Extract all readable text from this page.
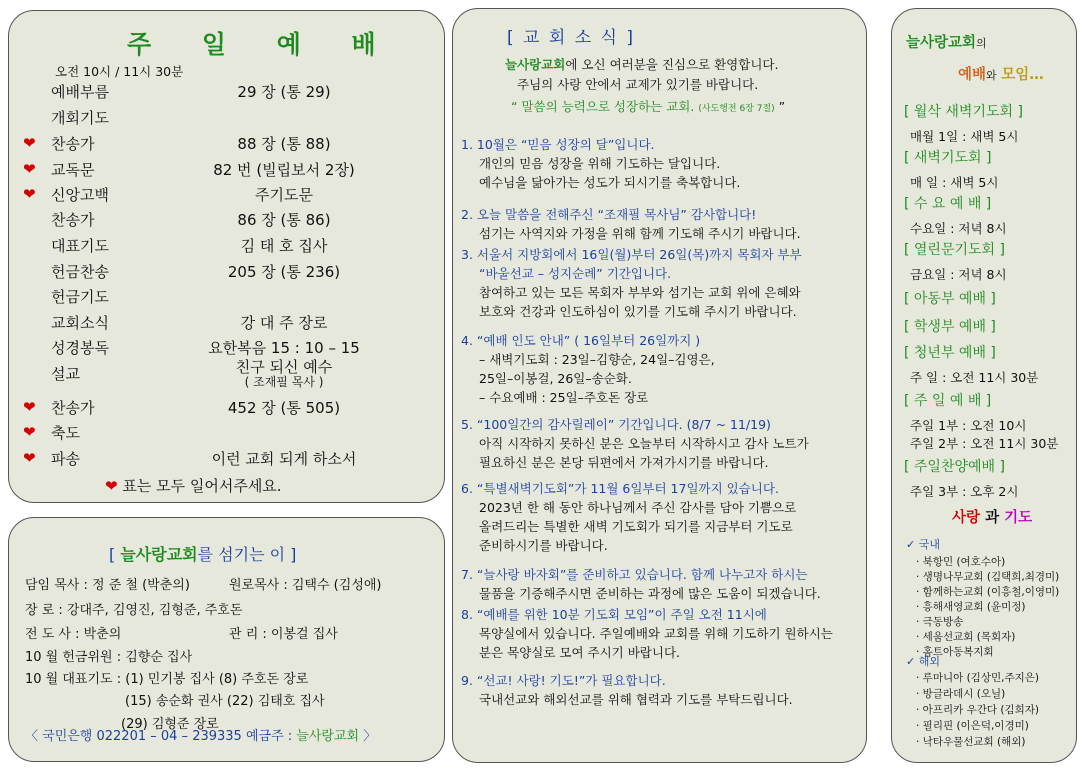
주 일 예 배
오전 10시 / 11시 30분
예배부름	29 장 (통 29)
개회기도
❤ 찬송가	88 장 (통 88)
❤ 교독문	82 번 (빌립보서 2장)
❤ 신앙고백	주기도문
찬송가	86 장 (통 86)
대표기도	김 태 호 집사
헌금찬송	205 장 (통 236)
헌금기도
교회소식	강 대 주 장로
성경봉독	요한복음 15 : 10 – 15
설교	친구 되신 예수
( 조재필 목사 )
❤ 찬송가	452 장 (통 505)
❤ 축도
❤ 파송	이런 교회 되게 하소서
❤ 표는 모두 일어서주세요.
[ 늘사랑교회를 섬기는 이 ]
담임 목사 : 정 준 철 (박춘의)	원로목사 : 김택수 (김성애)
장 로 : 강대주, 김영진, 김형준, 주호돈
전 도 사 : 박춘의	관 리 : 이봉걸 집사
10 월 헌금위원 : 김향순 집사
10 월 대표기도 : (1) 민기봉 집사 (8) 주호돈 장로
(15) 송순화 권사 (22) 김태호 집사
(29) 김형준 장로
〈 국민은행 022201 – 04 – 239335 예금주 : 늘사랑교회 〉
[ 교 회 소 식 ]
늘사랑교회에 오신 여러분을 진심으로 환영합니다.
주님의 사랑 안에서 교제가 있기를 바랍니다.
“ 말씀의 능력으로 성장하는 교회. (사도행전 6장 7절) ”
1. 10월은 “믿음 성장의 달”입니다.
개인의 믿음 성장을 위해 기도하는 달입니다.
예수님을 닮아가는 성도가 되시기를 축복합니다.
2. 오늘 말씀을 전해주신 “조재필 목사님” 감사합니다!
섬기는 사역지와 가정을 위해 함께 기도해 주시기 바랍니다.
3. 서울서 지방회에서 16일(월)부터 26일(목)까지 목회자 부부
“바울선교 – 성지순례” 기간입니다.
참여하고 있는 모든 목회자 부부와 섬기는 교회 위에 은혜와
보호와 건강과 인도하심이 있기를 기도해 주시기 바랍니다.
4. “예배 인도 안내” ( 16일부터 26일까지 )
– 새벽기도회 : 23일–김향순, 24일–김영은,
25일–이봉걸, 26일–송순화.
– 수요예배 : 25일–주호돈 장로
5. “100일간의 감사릴레이” 기간입니다. (8/7 ~ 11/19)
아직 시작하지 못하신 분은 오늘부터 시작하시고 감사 노트가
필요하신 분은 본당 뒤편에서 가져가시기를 바랍니다.
6. “특별새벽기도회”가 11월 6일부터 17일까지 있습니다.
2023년 한 해 동안 하나님께서 주신 감사를 담아 기쁨으로
올려드리는 특별한 새벽 기도회가 되기를 지금부터 기도로
준비하시기를 바랍니다.
7. “늘사랑 바자회”를 준비하고 있습니다. 함께 나누고자 하시는
물품을 기증해주시면 준비하는 과정에 많은 도움이 되겠습니다.
8. “예배를 위한 10분 기도회 모임”이 주일 오전 11시에
목양실에서 있습니다. 주일예배와 교회를 위해 기도하기 원하시는
분은 목양실로 모여 주시기 바랍니다.
9. “선교! 사랑! 기도!”가 필요합니다.
국내선교와 해외선교를 위해 협력과 기도를 부탁드립니다.
늘사랑교회의
예배와 모임…
[ 월삭 새벽기도회 ]
매월 1일 : 새벽 5시
[ 새벽기도회 ]
매 일 : 새벽 5시
[ 수 요 예 배 ]
수요일 : 저녁 8시
[ 열린문기도회 ]
금요일 : 저녁 8시
[ 아동부 예배 ]
[ 학생부 예배 ]
[ 청년부 예배 ]
주 일 : 오전 11시 30분
[ 주 일 예 배 ]
주일 1부 : 오전 10시
주일 2부 : 오전 11시 30분
[ 주일찬양예배 ]
주일 3부 : 오후 2시
사랑 과 기도
✓ 국내
· 북항민 (여호수아)
· 생명나무교회 (김택희,최경미)
· 함께하는교회 (이흥철,이영미)
· 흥해새영교회 (윤미정)
· 극동방송
· 세움선교회 (목회자)
· 홈트아동복지회
✓ 해외
· 루마니아 (김상민,주지은)
· 방글라데시 (오닐)
· 아프리카 우간다 (김희자)
· 필리핀 (이은덕,이경미)
· 낙타우물선교회 (해외)
